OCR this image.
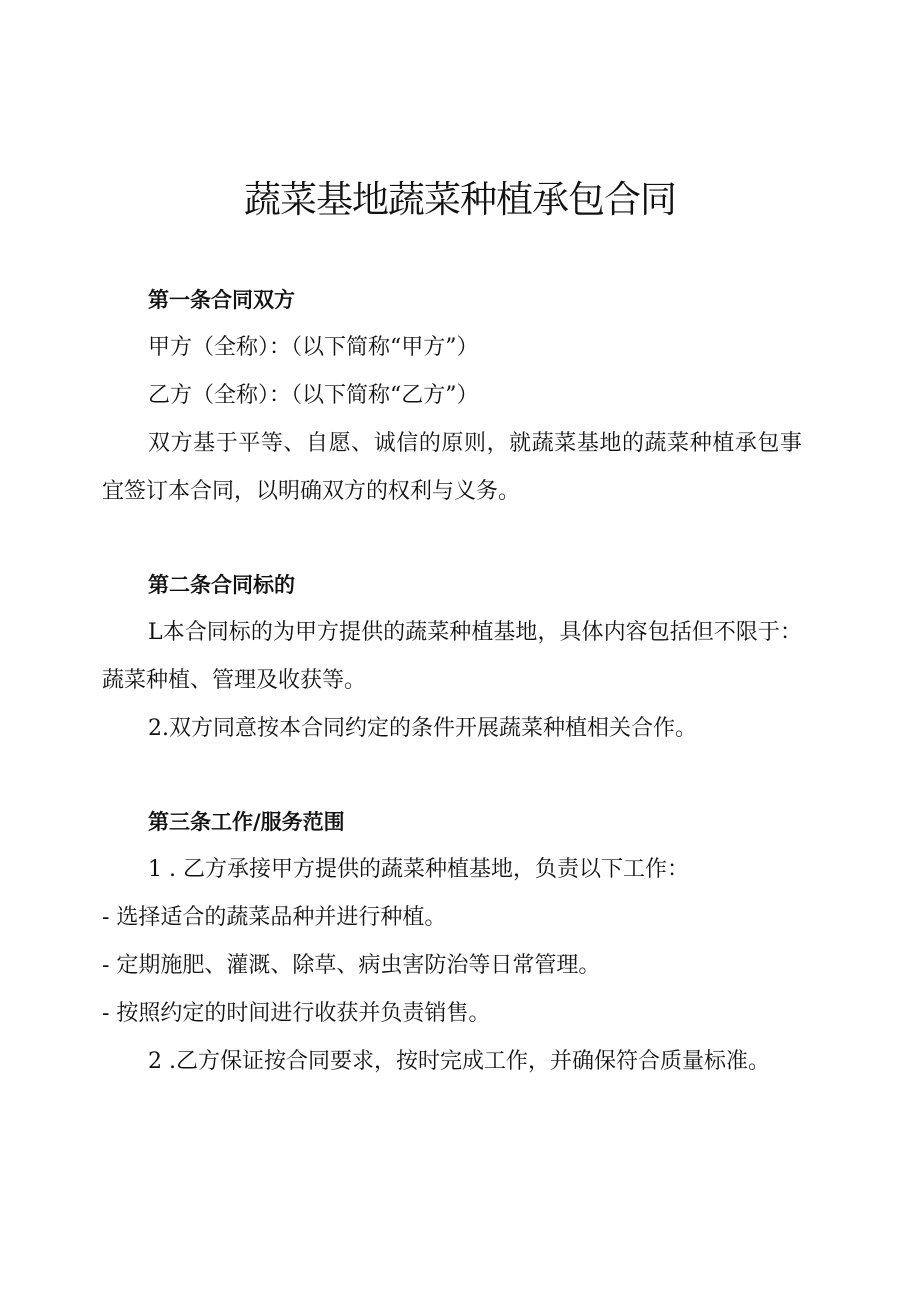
蔬菜基地蔬菜种植承包合同

第一条合同双方

甲方（全称）：（以下简称“甲方”）

乙方（全称）：（以下简称“乙方”）

双方基于平等、自愿、诚信的原则，就蔬菜基地的蔬菜种植承包事宜签订本合同，以明确双方的权利与义务。

第二条合同标的

L本合同标的为甲方提供的蔬菜种植基地，具体内容包括但不限于：蔬菜种植、管理及收获等。

2.双方同意按本合同约定的条件开展蔬菜种植相关合作。

第三条工作/服务范围

1 . 乙方承接甲方提供的蔬菜种植基地，负责以下工作：

- 选择适合的蔬菜品种并进行种植。

- 定期施肥、灌溉、除草、病虫害防治等日常管理。

- 按照约定的时间进行收获并负责销售。

2 .乙方保证按合同要求，按时完成工作，并确保符合质量标准。
